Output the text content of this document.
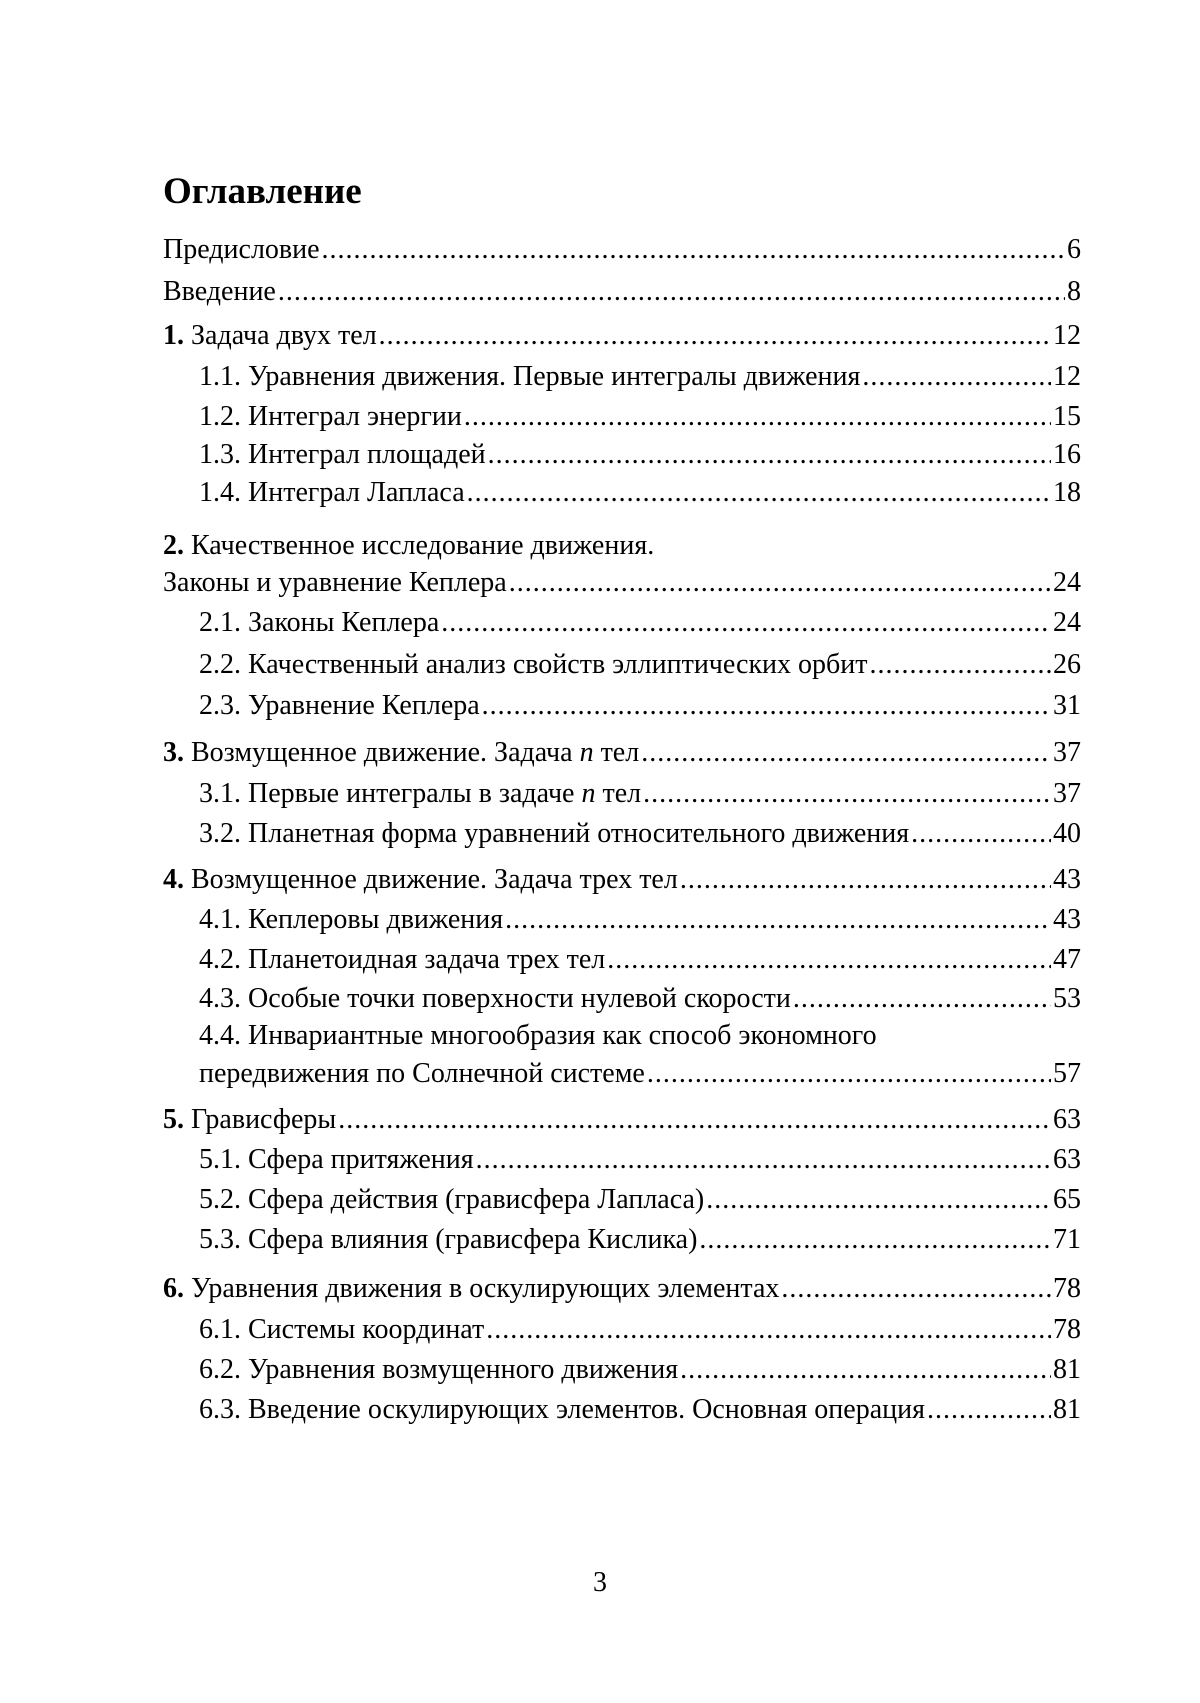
Оглавление
Предисловие .....	6
Введение .....	8
1. Задача двух тел .....	12
1.1. Уравнения движения. Первые интегралы движения .....	12
1.2. Интеграл энергии .....	15
1.3. Интеграл площадей .....	16
1.4. Интеграл Лапласа .....	18
2. Качественное исследование движения.
Законы и уравнение Кеплера .....	24
2.1. Законы Кеплера .....	24
2.2. Качественный анализ свойств эллиптических орбит .....	26
2.3. Уравнение Кеплера .....	31
3. Возмущенное движение. Задача n тел .....	37
3.1. Первые интегралы в задаче n тел .....	37
3.2. Планетная форма уравнений относительного движения .....	40
4. Возмущенное движение. Задача трех тел .....	43
4.1. Кеплеровы движения .....	43
4.2. Планетоидная задача трех тел .....	47
4.3. Особые точки поверхности нулевой скорости .....	53
4.4. Инвариантные многообразия как способ экономного
передвижения по Солнечной системе .....	57
5. Грависферы .....	63
5.1. Сфера притяжения .....	63
5.2. Сфера действия (грависфера Лапласа) .....	65
5.3. Сфера влияния (грависфера Кислика) .....	71
6. Уравнения движения в оскулирующих элементах .....	78
6.1. Системы координат .....	78
6.2. Уравнения возмущенного движения .....	81
6.3. Введение оскулирующих элементов. Основная операция .....	81
3
